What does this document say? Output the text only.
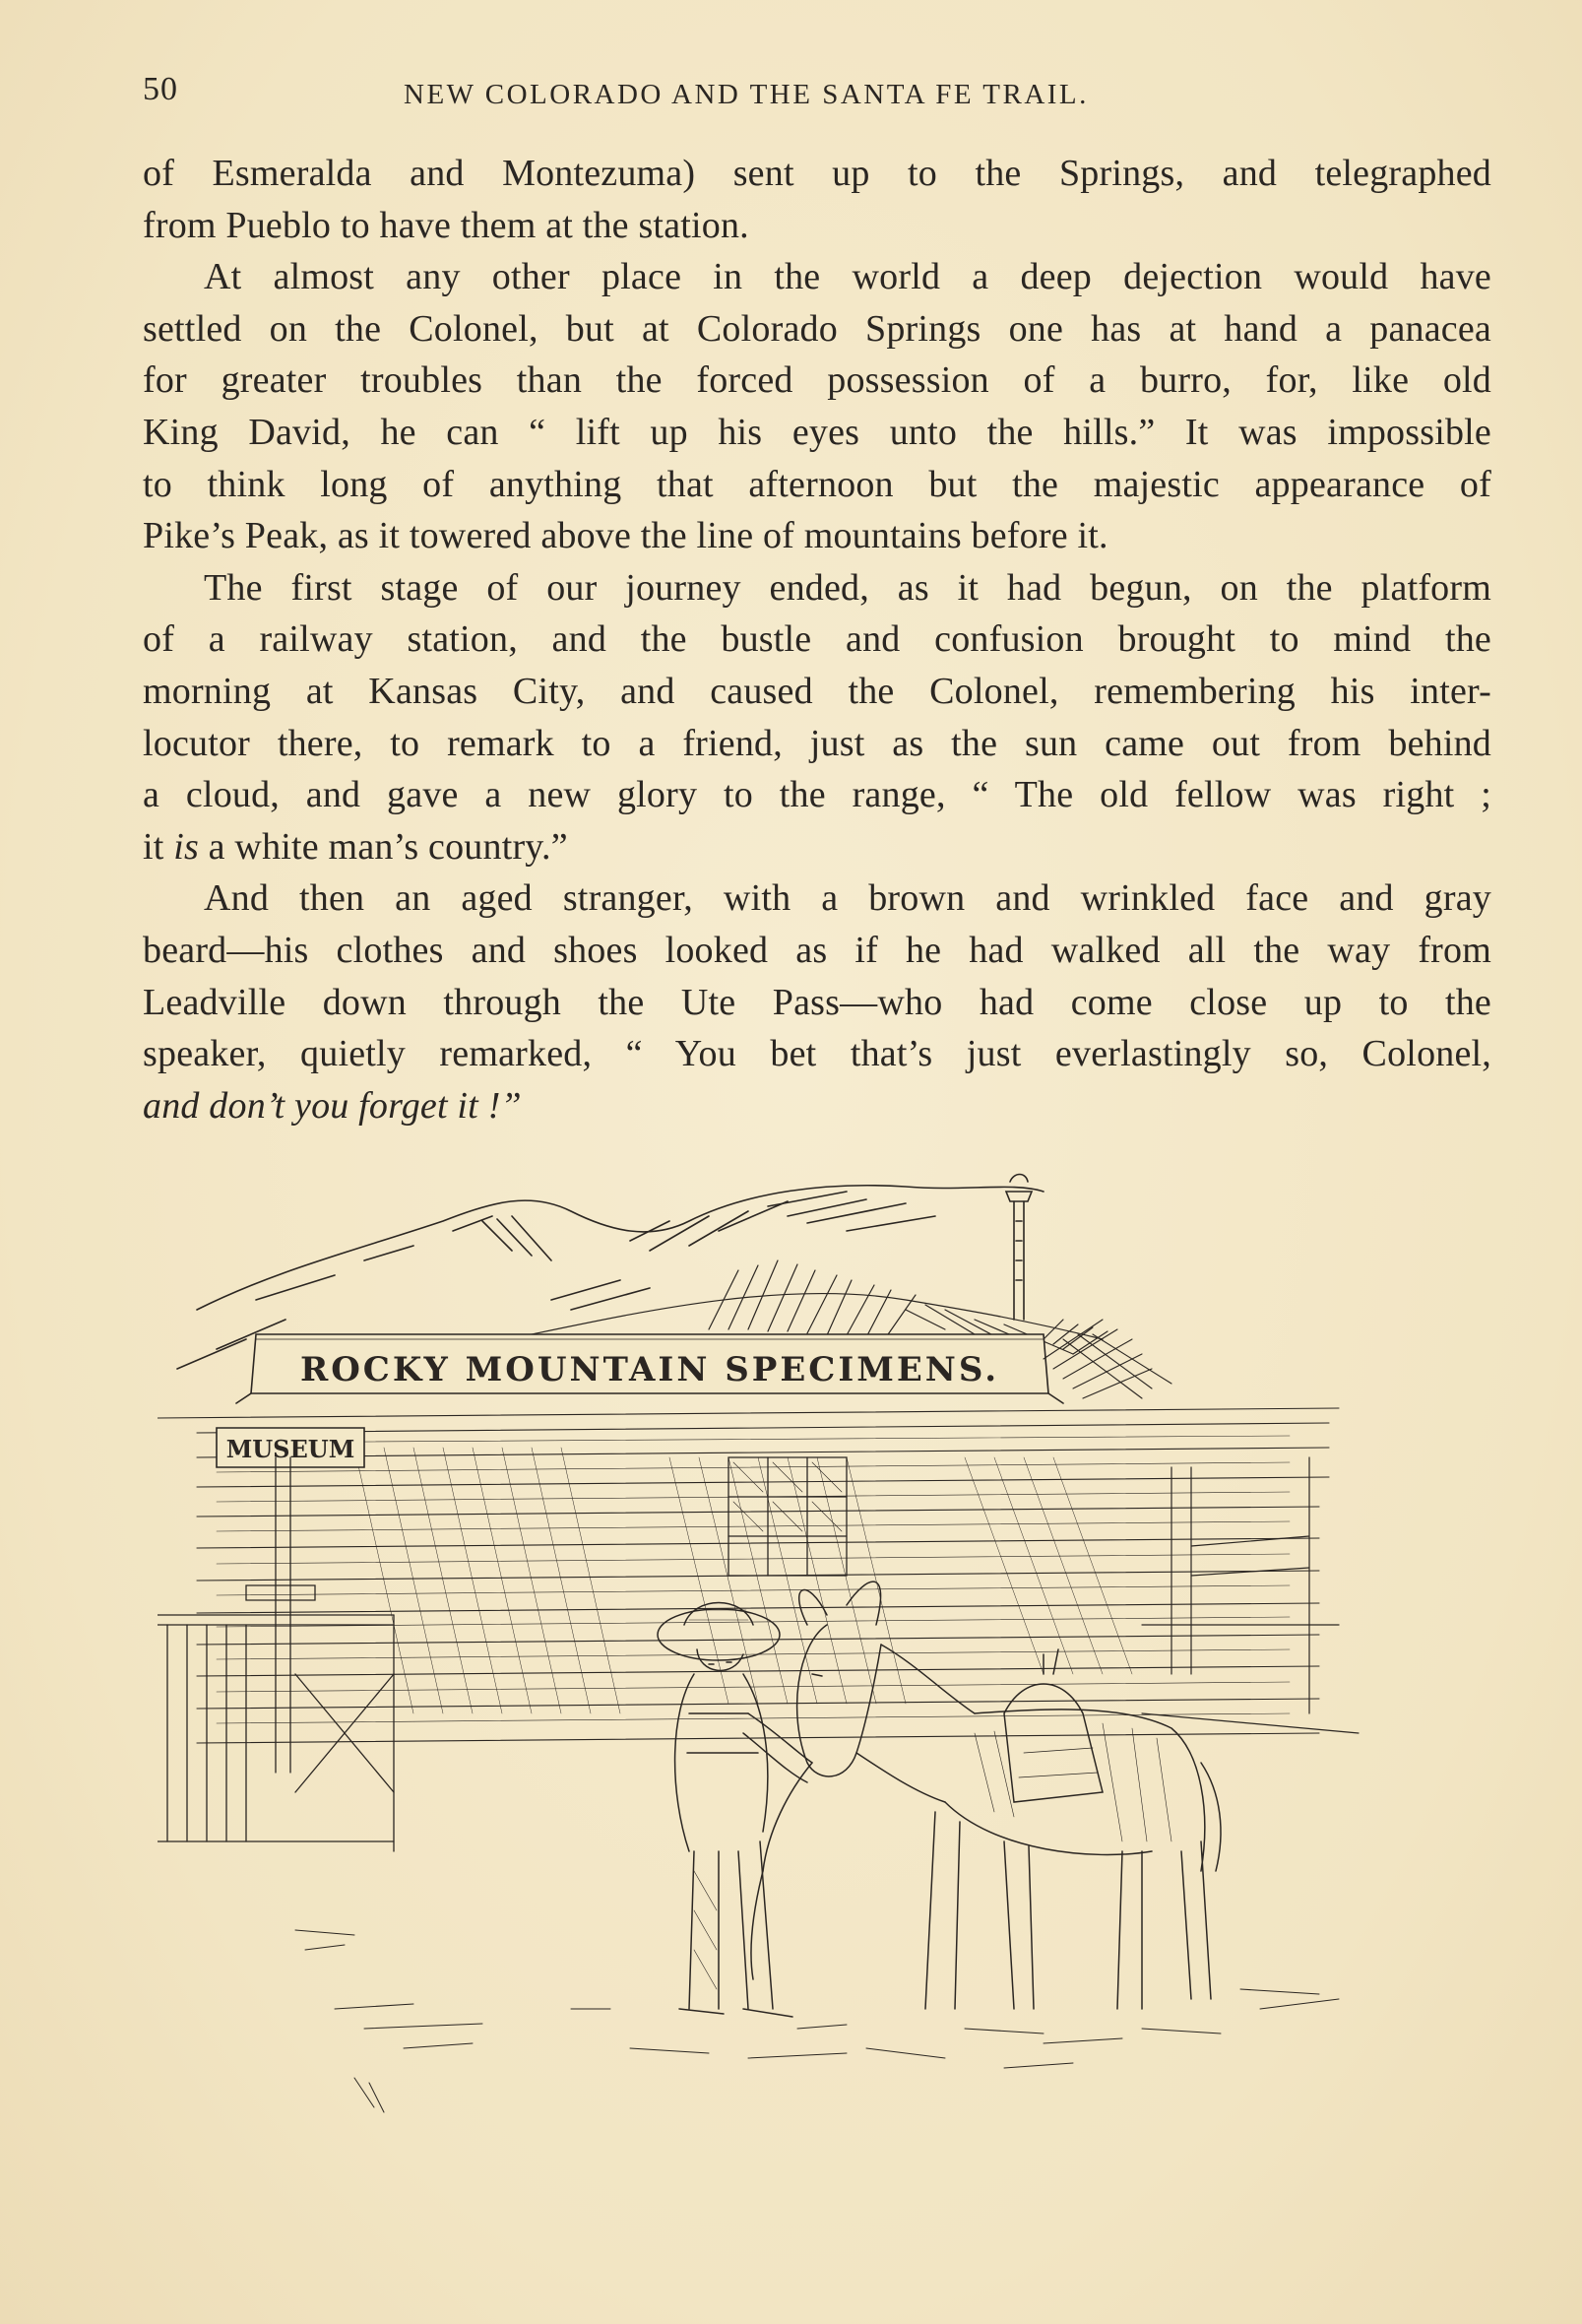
50	NEW COLORADO AND THE SANTA FE TRAIL.
of Esmeralda and Montezuma) sent up to the Springs, and telegraphed
from Pueblo to have them at the station.
At almost any other place in the world a deep dejection would have
settled on the Colonel, but at Colorado Springs one has at hand a panacea
for greater troubles than the forced possession of a burro, for, like old
King David, he can “ lift up his eyes unto the hills.” It was impossible
to think long of anything that afternoon but the majestic appearance of
Pike’s Peak, as it towered above the line of mountains before it.
The first stage of our journey ended, as it had begun, on the platform
of a railway station, and the bustle and confusion brought to mind the
morning at Kansas City, and caused the Colonel, remembering his inter-
locutor there, to remark to a friend, just as the sun came out from behind
a cloud, and gave a new glory to the range, “ The old fellow was right ;
it is a white man’s country.”
And then an aged stranger, with a brown and wrinkled face and gray
beard—his clothes and shoes looked as if he had walked all the way from
Leadville down through the Ute Pass—who had come close up to the
speaker, quietly remarked, “ You bet that’s just everlastingly so, Colonel,
and don’t you forget it !”
ROCKY MOUNTAIN SPECIMENS.
MUSEUM
